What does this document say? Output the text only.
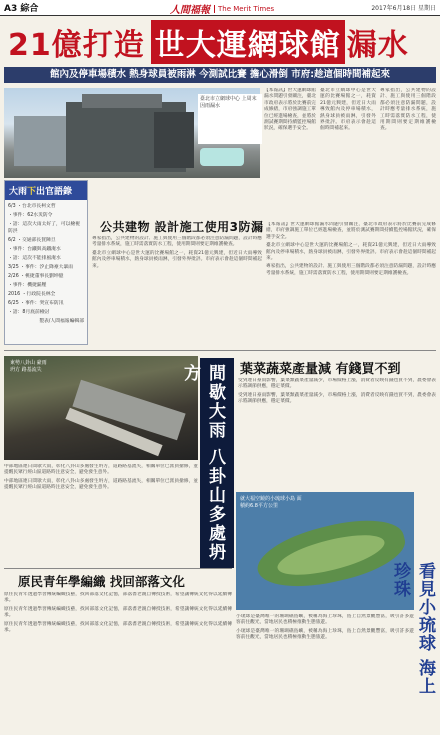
A3 綜合	人間福報	The Merit Times	2017年6月18日 星期日
21億打造 世大運網球館 漏水
館內及停車場積水 熱身球員被雨淋 今測試比賽 擔心滑倒 市府:趁這個時間補起來
臺北市立網球中心 上周末因雨漏水

【本報訊】世大運網球館漏水問題引發關注，臺北市政府表示將於比賽前完成修繕，市府強調施工單位已經進場檢查，並將於測試賽期間持續監控場館狀況，確保選手安全。

臺北市立網球中心是世大運的比賽場館之一，耗資21億元興建，但近日大雨導致館內及停車場積水，熱身球員被雨淋，引發外界批評。市府表示會趁這個時間補起來。

專家指出，公共建物的設計、施工與使用三個階段都必須注意防漏問題，設計時應考量排水系統，施工時需落實防水工程，使用期間則要定期維護檢查。

大雨下出官語錄
6/3 ・台北市長柯文哲
・事件：62水災防令
・語：這次大雨太好了，可以檢視防洪
6/2 ・交通部長賀陳旦
・事件：台鐵與高鐵淹水
・語：這次不能排風淹水
3/25 ・事件：汐止降豪大暴雨
2/26 ・桃捷董事長劉坤億
・事件：機捷漏壓
2016 ・行政院長林全
6/25 ・事件：突宣布防汛
・語：8月底前檢討
製表/人間福報編輯部
公共建物 設計施工使用3防漏

專家指出，公共建物的設計、施工與使用三個階段都必須注意防漏問題，設計時應考量排水系統，施工時需落實防水工程，使用期間則要定期維護檢查。

臺北市立網球中心是世大運的比賽場館之一，耗資21億元興建，但近日大雨導致館內及停車場積水，熱身球員被雨淋，引發外界批評。市府表示會趁這個時間補起來。

【本報訊】世大運網球館漏水問題引發關注，臺北市政府表示將於比賽前完成修繕，市府強調施工單位已經進場檢查，並將於測試賽期間持續監控場館狀況，確保選手安全。

臺北市立網球中心是世大運的比賽場館之一，耗資21億元興建，但近日大雨導致館內及停車場積水，熱身球員被雨淋，引發外界批評。市府表示會趁這個時間補起來。

專家指出，公共建物的設計、施工與使用三個階段都必須注意防漏問題，設計時應考量排水系統，施工時需落實防水工程，使用期間則要定期維護檢查。

東勢八卦山 豪雨坍方 路基流失	間歇大雨 八卦山多處坍方

中部地區連日間歇大雨，彰化八卦山多處發生坍方，道路路基流失，相關單位已派員搶修，並提醒民眾行經山區道路時注意安全，避免發生意外。

中部地區連日間歇大雨，彰化八卦山多處發生坍方，道路路基流失，相關單位已派員搶修，並提醒民眾行經山區道路時注意安全，避免發生意外。

葉菜蔬菜產量減 有錢買不到

受到連日豪雨影響，葉菜類蔬菜產量減少，市場價格上漲，消費者反映有錢也買不到，農委會表示將調節供應，穩定菜價。

受到連日豪雨影響，葉菜類蔬菜產量減少，市場價格上漲，消費者反映有錢也買不到，農委會表示將調節供應，穩定菜價。

就大福空鏡的小琉球小島 面積約6.8平方公里
看見小琉球 海上珍珠

小琉球是臺灣唯一的珊瑚礁島嶼，被稱為海上珍珠，島上自然景觀豐富，吸引許多遊客前往觀光，當地居民也積極推動生態旅遊。

小琉球是臺灣唯一的珊瑚礁島嶼，被稱為海上珍珠，島上自然景觀豐富，吸引許多遊客前往觀光，當地居民也積極推動生態旅遊。

原民青年學編織 找回部落文化

原住民青年透過學習傳統編織技藝，找回部落文化記憶，部落耆老親自傳授技術，希望讓傳統文化得以延續傳承。

原住民青年透過學習傳統編織技藝，找回部落文化記憶，部落耆老親自傳授技術，希望讓傳統文化得以延續傳承。

原住民青年透過學習傳統編織技藝，找回部落文化記憶，部落耆老親自傳授技術，希望讓傳統文化得以延續傳承。
